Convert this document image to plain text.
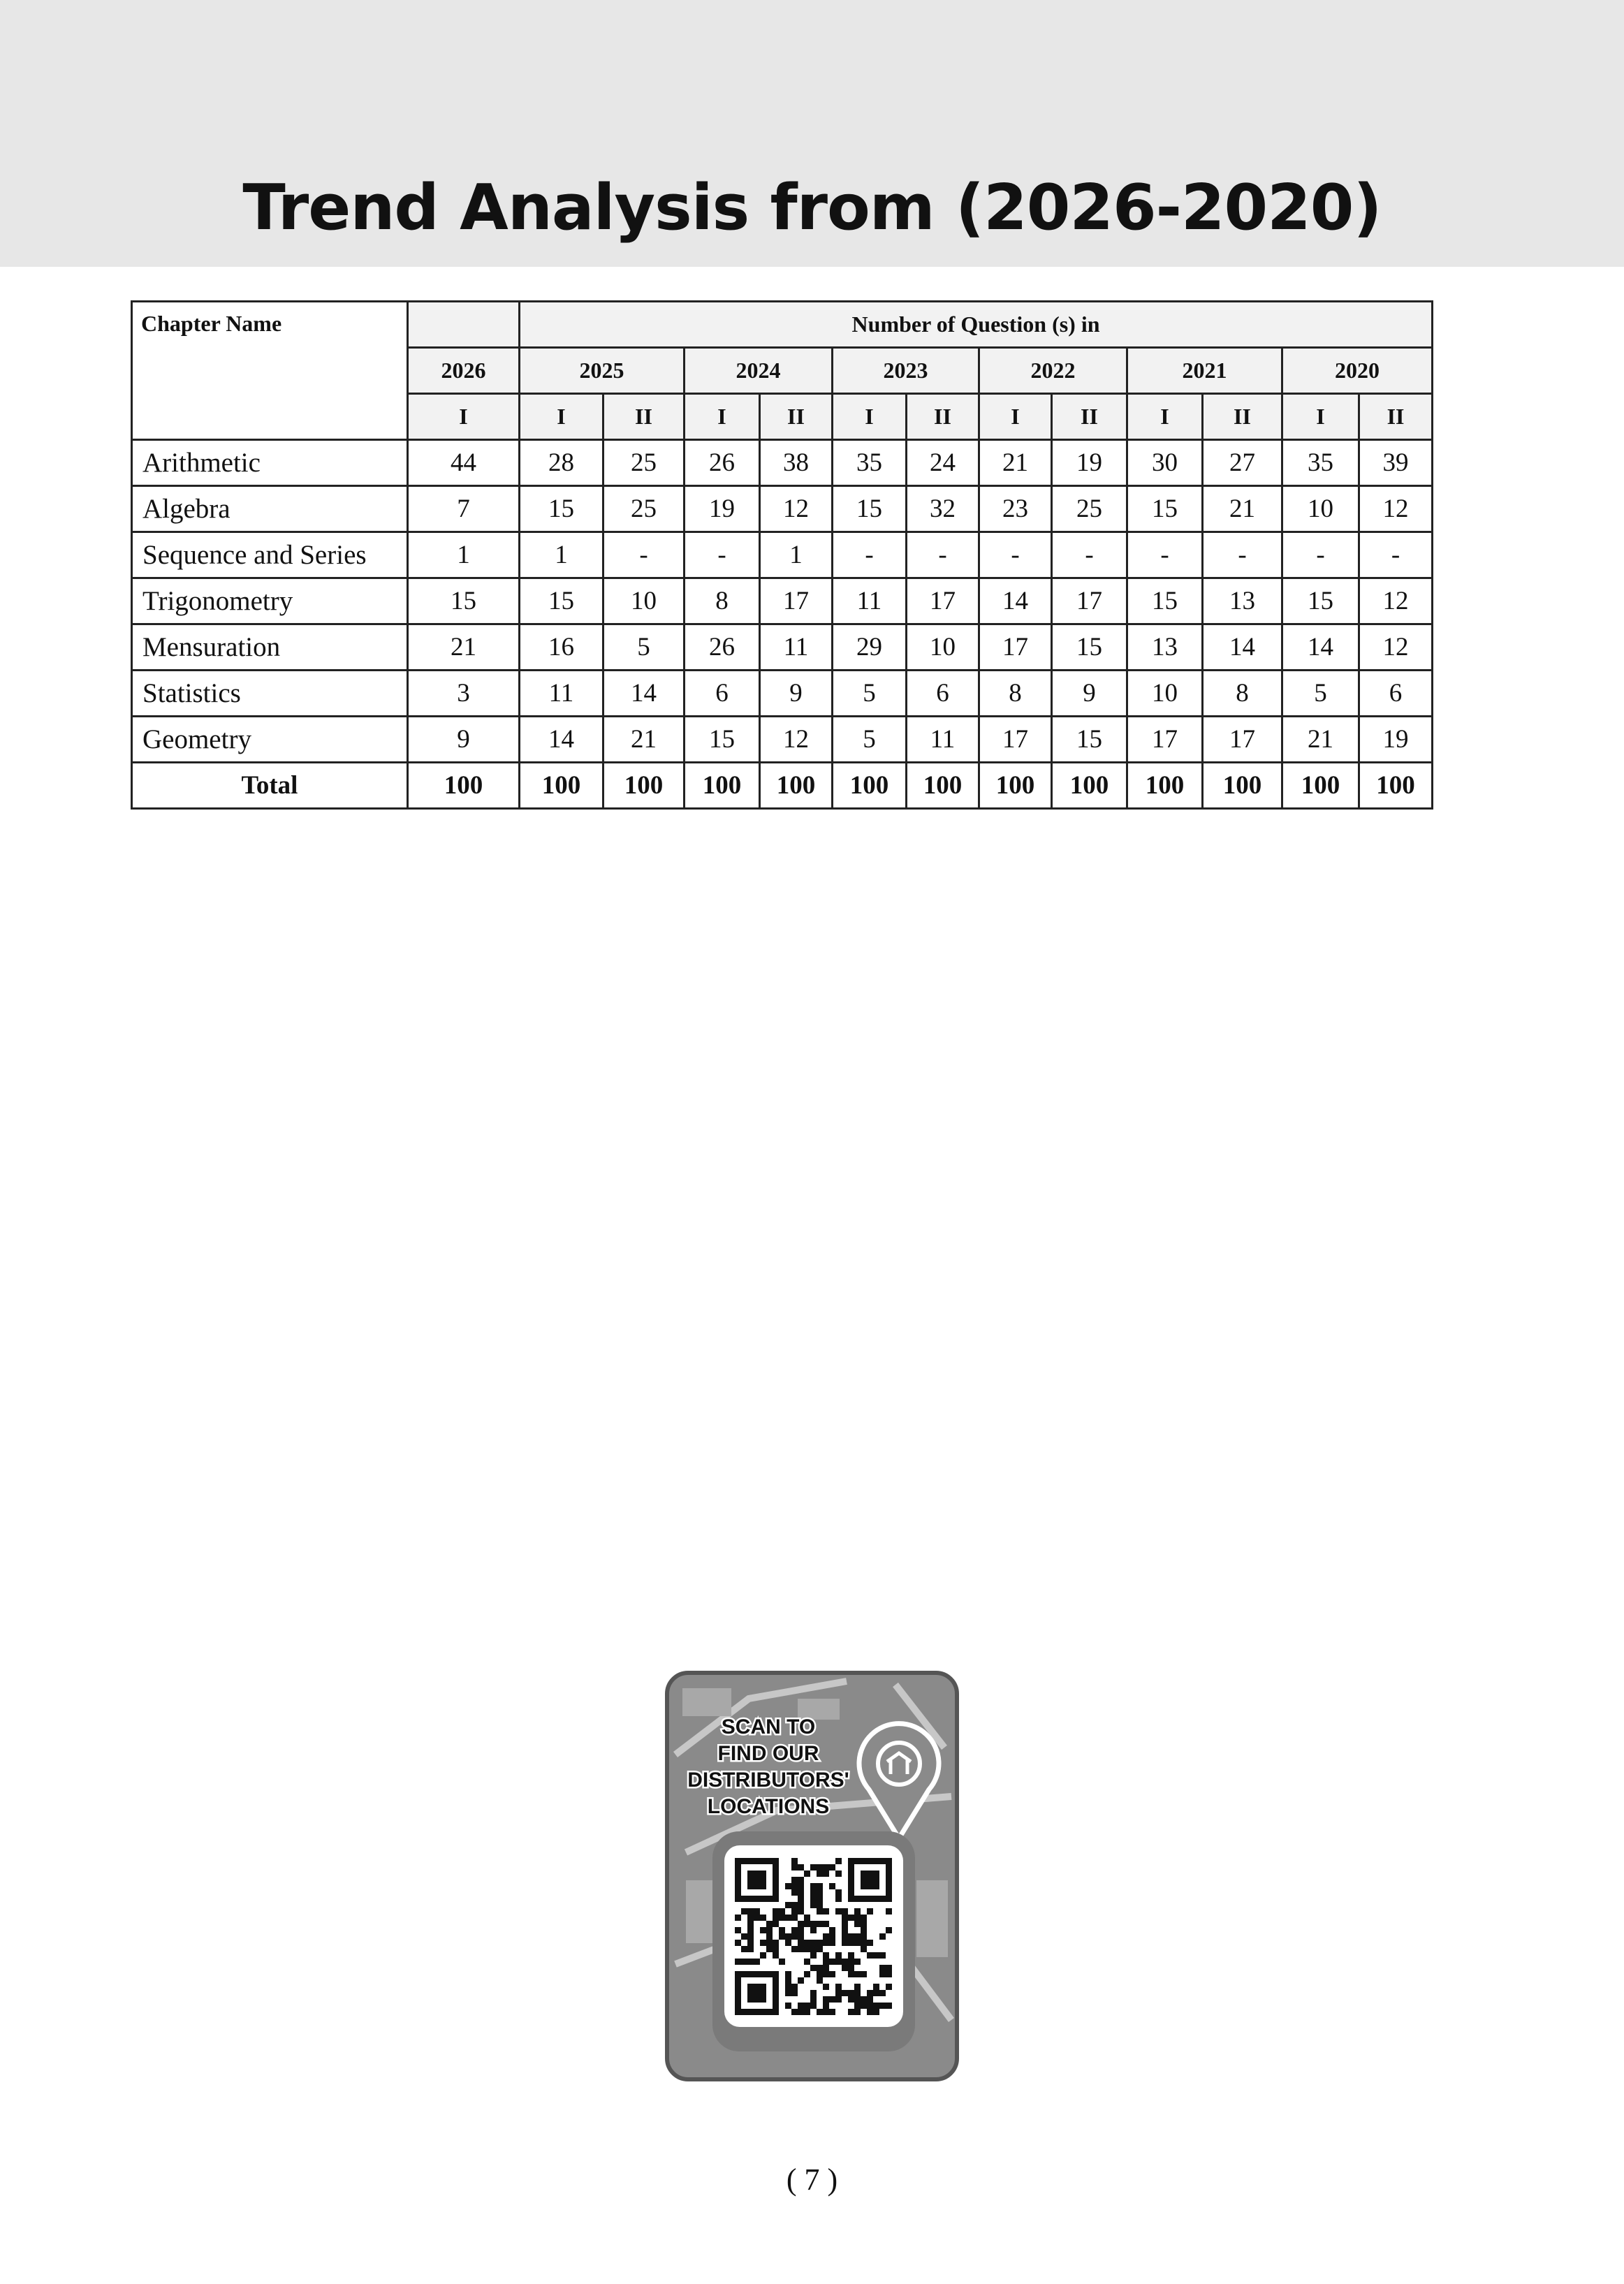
Trend Analysis from (2026-2020)
Chapter Name		Number of Question (s) in											
	2026	2025		2024		2023		2022		2021		2020	
	I	I	II	I	II	I	II	I	II	I	II	I	II
Arithmetic	44	28	25	26	38	35	24	21	19	30	27	35	39
Algebra	7	15	25	19	12	15	32	23	25	15	21	10	12
Sequence and Series	1	1	-	-	1	-	-	-	-	-	-	-	-
Trigonometry	15	15	10	8	17	11	17	14	17	15	13	15	12
Mensuration	21	16	5	26	11	29	10	17	15	13	14	14	12
Statistics	3	11	14	6	9	5	6	8	9	10	8	5	6
Geometry	9	14	21	15	12	5	11	17	15	17	17	21	19
Total	100	100	100	100	100	100	100	100	100	100	100	100	100
SCAN TO
FIND OUR
DISTRIBUTORS'
LOCATIONS
( 7 )
